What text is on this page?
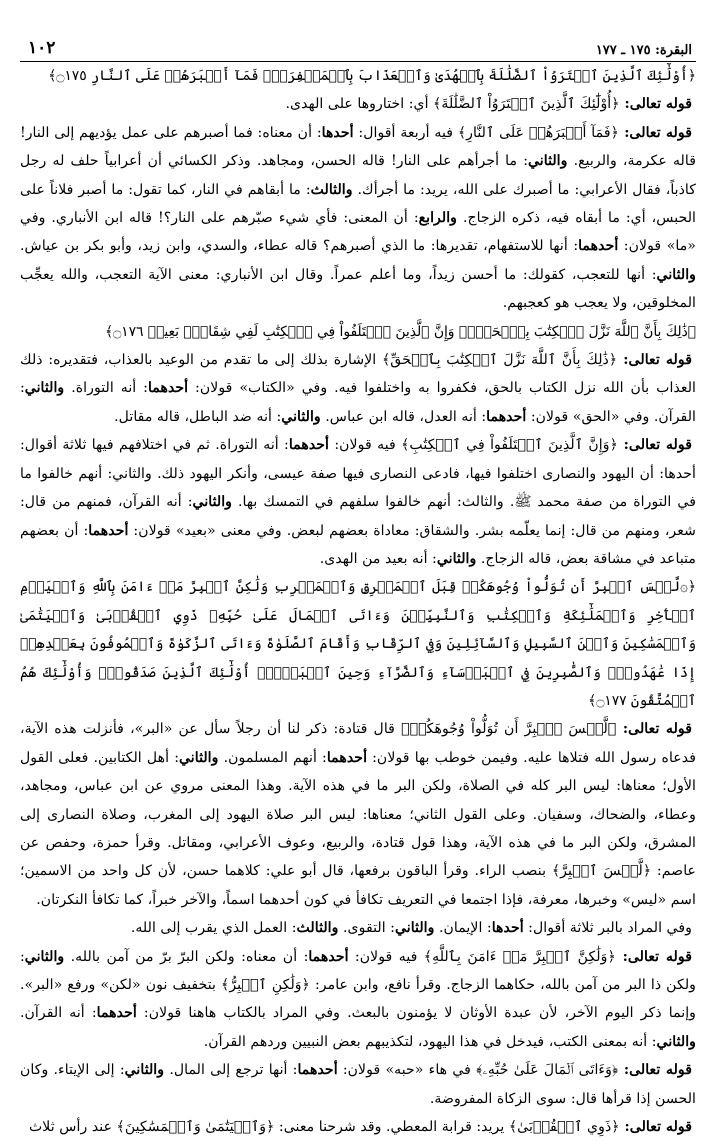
البقرة: ١٧٥ ـ ١٧٧
١٠٢

﴿أُوْلَٰٓئِكَ ٱلَّذِينَ ٱشۡتَرَوُاْ ٱلضَّلَٰلَةَ بِٱلۡهُدَىٰ وَٱلۡعَذَابَ بِٱلۡمَغۡفِرَةِۚ فَمَآ أَصۡبَرَهُمۡ عَلَى ٱلنَّارِ ۝١٧٥﴾

قوله تعالى: ﴿أُوْلَٰٓئِكَ ٱلَّذِينَ ٱشۡتَرَوُاْ ٱلضَّلَٰلَةَ﴾ أي: اختاروها على الهدى.

قوله تعالى: ﴿فَمَآ أَصۡبَرَهُمۡ عَلَى ٱلنَّارِ﴾ فيه أربعة أقوال: أحدها: أن معناه: فما أصبرهم على عمل يؤديهم إلى النار! قاله عكرمة، والربيع. والثاني: ما أجرأهم على النار! قاله الحسن، ومجاهد. وذكر الكسائي أن أعرابياً حلف له رجل كاذباً، فقال الأعرابي: ما أصبرك على الله، يريد: ما أجرأك. والثالث: ما أبقاهم في النار، كما تقول: ما أصبر فلاناً على الحبس، أي: ما أبقاه فيه، ذكره الزجاج. والرابع: أن المعنى: فأي شيء صبّرهم على النار؟! قاله ابن الأنباري. وفي «ما» قولان: أحدهما: أنها للاستفهام، تقديرها: ما الذي أصبرهم؟ قاله عطاء، والسدي، وابن زيد، وأبو بكر بن عياش. والثاني: أنها للتعجب، كقولك: ما أحسن زيداً، وما أعلم عمراً. وقال ابن الأنباري: معنى الآية التعجب، والله يعجِّب المخلوقين، ولا يعجب هو كعجبهم.

﴿ذَٰلِكَ بِأَنَّ ٱللَّهَ نَزَّلَ ٱلۡكِتَٰبَ بِٱلۡحَقِّۗ وَإِنَّ ٱلَّذِينَ ٱخۡتَلَفُواْ فِي ٱلۡكِتَٰبِ لَفِي شِقَاقِۭ بَعِيدٖ ۝١٧٦﴾

قوله تعالى: ﴿ذَٰلِكَ بِأَنَّ ٱللَّهَ نَزَّلَ ٱلۡكِتَٰبَ بِٱلۡحَقِّ﴾ الإشارة بذلك إلى ما تقدم من الوعيد بالعذاب، فتقديره: ذلك العذاب بأن الله نزل الكتاب بالحق، فكفروا به واختلفوا فيه. وفي «الكتاب» قولان: أحدهما: أنه التوراة. والثاني: القرآن. وفي «الحق» قولان: أحدهما: أنه العدل، قاله ابن عباس. والثاني: أنه ضد الباطل، قاله مقاتل.

قوله تعالى: ﴿وَإِنَّ ٱلَّذِينَ ٱخۡتَلَفُواْ فِي ٱلۡكِتَٰبِ﴾ فيه قولان: أحدهما: أنه التوراة. ثم في اختلافهم فيها ثلاثة أقوال: أحدها: أن اليهود والنصارى اختلفوا فيها، فادعى النصارى فيها صفة عيسى، وأنكر اليهود ذلك. والثاني: أنهم خالفوا ما في التوراة من صفة محمد ﷺ. والثالث: أنهم خالفوا سلفهم في التمسك بها. والثاني: أنه القرآن، فمنهم من قال: شعر، ومنهم من قال: إنما يعلّمه بشر. والشقاق: معاداة بعضهم لبعض. وفي معنى «بعيد» قولان: أحدهما: أن بعضهم متباعد في مشاقة بعض، قاله الزجاج. والثاني: أنه بعيد من الهدى.

﴿۞لَّيۡسَ ٱلۡبِرَّ أَن تُوَلُّواْ وُجُوهَكُمۡ قِبَلَ ٱلۡمَشۡرِقِ وَٱلۡمَغۡرِبِ وَلَٰكِنَّ ٱلۡبِرَّ مَنۡ ءَامَنَ بِٱللَّهِ وَٱلۡيَوۡمِ ٱلۡأٓخِرِ وَٱلۡمَلَٰٓئِكَةِ وَٱلۡكِتَٰبِ وَٱلنَّبِيِّـۧنَ وَءَاتَى ٱلۡمَالَ عَلَىٰ حُبِّهِۦ ذَوِي ٱلۡقُرۡبَىٰ وَٱلۡيَتَٰمَىٰ وَٱلۡمَسَٰكِينَ وَٱبۡنَ ٱلسَّبِيلِ وَٱلسَّآئِلِينَ وَفِي ٱلرِّقَابِ وَأَقَامَ ٱلصَّلَوٰةَ وَءَاتَى ٱلزَّكَوٰةَ وَٱلۡمُوفُونَ بِعَهۡدِهِمۡ إِذَا عَٰهَدُواْۖ وَٱلصَّٰبِرِينَ فِي ٱلۡبَأۡسَآءِ وَٱلضَّرَّآءِ وَحِينَ ٱلۡبَأۡسِۗ أُوْلَٰٓئِكَ ٱلَّذِينَ صَدَقُواْۖ وَأُوْلَٰٓئِكَ هُمُ ٱلۡمُتَّقُونَ ۝١٧٧﴾

قوله تعالى: ﴿لَّيۡسَ ٱلۡبِرَّ أَن تُوَلُّواْ وُجُوهَكُمۡ﴾ قال قتادة: ذكر لنا أن رجلاً سأل عن «البر»، فأنزلت هذه الآية، فدعاه رسول الله فتلاها عليه. وفيمن خوطب بها قولان: أحدهما: أنهم المسلمون. والثاني: أهل الكتابين. فعلى القول الأول؛ معناها: ليس البر كله في الصلاة، ولكن البر ما في هذه الآية. وهذا المعنى مروي عن ابن عباس، ومجاهد، وعطاء، والضحاك، وسفيان. وعلى القول الثاني؛ معناها: ليس البر صلاة اليهود إلى المغرب، وصلاة النصارى إلى المشرق، ولكن البر ما في هذه الآية، وهذا قول قتادة، والربيع، وعوف الأعرابي، ومقاتل. وقرأ حمزة، وحفص عن عاصم: ﴿لَّيۡسَ ٱلۡبِرَّ﴾ بنصب الراء. وقرأ الباقون برفعها، قال أبو علي: كلاهما حسن، لأن كل واحد من الاسمين؛ اسم «ليس» وخبرها، معرفة، فإذا اجتمعا في التعريف تكافأ في كون أحدهما اسماً، والآخر خبراً، كما تكافأ النكرتان.

وفي المراد بالبر ثلاثة أقوال: أحدها: الإيمان. والثاني: التقوى. والثالث: العمل الذي يقرب إلى الله.

قوله تعالى: ﴿وَلَٰكِنَّ ٱلۡبِرَّ مَنۡ ءَامَنَ بِٱللَّهِ﴾ فيه قولان: أحدهما: أن معناه: ولكن البرّ برّ من آمن بالله. والثاني: ولكن ذا البر من آمن بالله، حكاهما الزجاج. وقرأ نافع، وابن عامر: ﴿وَلَٰكِنِ ٱلۡبِرُّ﴾ بتخفيف نون «لكن» ورفع «البر». وإنما ذكر اليوم الآخر، لأن عبدة الأوثان لا يؤمنون بالبعث. وفي المراد بالكتاب هاهنا قولان: أحدهما: أنه القرآن. والثاني: أنه بمعنى الكتب، فيدخل في هذا اليهود، لتكذيبهم بعض النبيين وردهم القرآن.

قوله تعالى: ﴿وَءَاتَى ٱلۡمَالَ عَلَىٰ حُبِّهِۦ﴾ في هاء «حبه» قولان: أحدهما: أنها ترجع إلى المال. والثاني: إلى الإيتاء. وكان الحسن إذا قرأها قال: سوى الزكاة المفروضة.

قوله تعالى: ﴿ذَوِي ٱلۡقُرۡبَىٰ﴾ يريد: قرابة المعطي. وقد شرحنا معنى: ﴿وَٱلۡيَتَٰمَىٰ وَٱلۡمَسَٰكِينَ﴾ عند رأس ثلاث
